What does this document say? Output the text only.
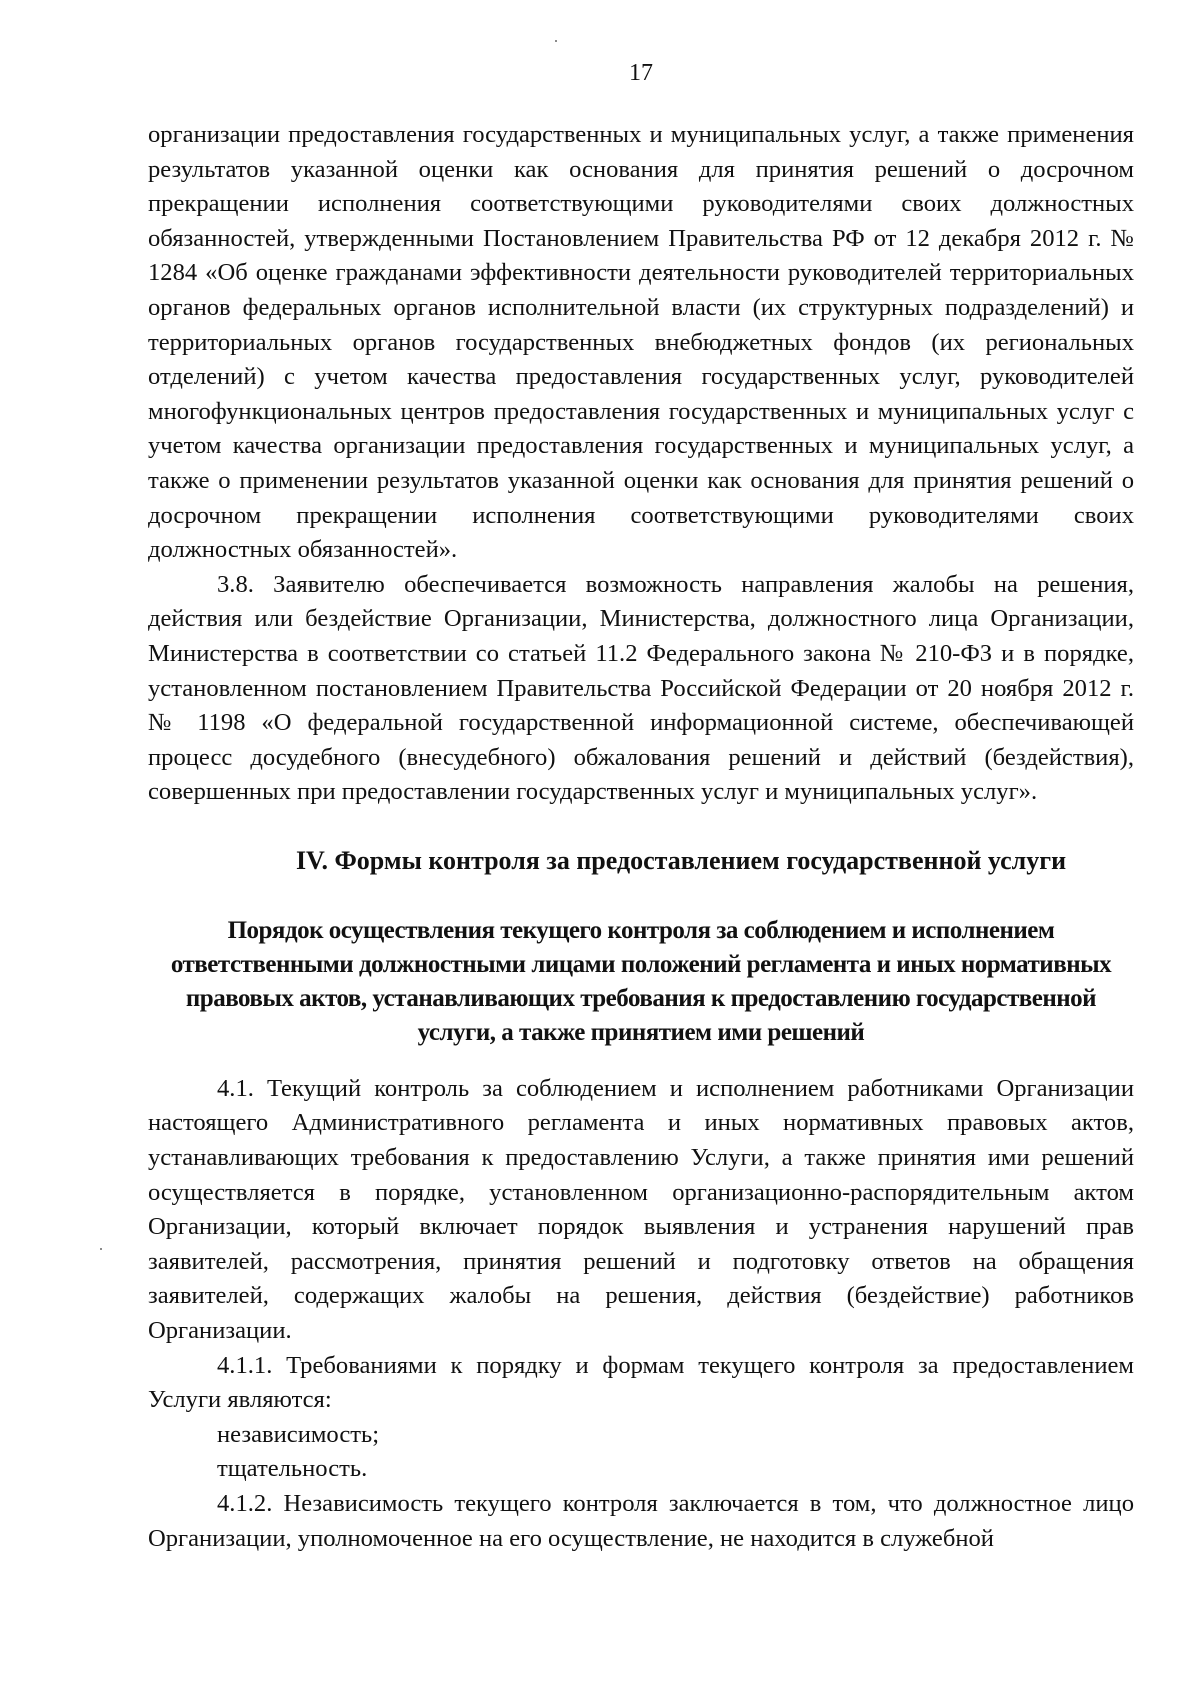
17

организации предоставления государственных и муниципальных услуг, а также применения результатов указанной оценки как основания для принятия решений о досрочном прекращении исполнения соответствующими руководителями своих должностных обязанностей, утвержденными Постановлением Правительства РФ от 12 декабря 2012 г. № 1284 «Об оценке гражданами эффективности деятельности руководителей территориальных органов федеральных органов исполнительной власти (их структурных подразделений) и территориальных органов государственных внебюджетных фондов (их региональных отделений) с учетом качества предоставления государственных услуг, руководителей многофункциональных центров предоставления государственных и муниципальных услуг с учетом качества организации предоставления государственных и муниципальных услуг, а также о применении результатов указанной оценки как основания для принятия решений о досрочном прекращении исполнения соответствующими руководителями своих должностных обязанностей».

3.8. Заявителю обеспечивается возможность направления жалобы на решения, действия или бездействие Организации, Министерства, должностного лица Организации, Министерства в соответствии со статьей 11.2 Федерального закона № 210-ФЗ и в порядке, установленном постановлением Правительства Российской Федерации от 20 ноября 2012 г. № 1198 «О федеральной государственной информационной системе, обеспечивающей процесс досудебного (внесудебного) обжалования решений и действий (бездействия), совершенных при предоставлении государственных услуг и муниципальных услуг».

IV. Формы контроля за предоставлением государственной услуги
Порядок осуществления текущего контроля за соблюдением и исполнением ответственными должностными лицами положений регламента и иных нормативных правовых актов, устанавливающих требования к предоставлению государственной услуги, а также принятием ими решений

4.1. Текущий контроль за соблюдением и исполнением работниками Организации настоящего Административного регламента и иных нормативных правовых актов, устанавливающих требования к предоставлению Услуги, а также принятия ими решений осуществляется в порядке, установленном организационно-распорядительным актом Организации, который включает порядок выявления и устранения нарушений прав заявителей, рассмотрения, принятия решений и подготовку ответов на обращения заявителей, содержащих жалобы на решения, действия (бездействие) работников Организации.

4.1.1. Требованиями к порядку и формам текущего контроля за предоставлением Услуги являются:

независимость;

тщательность.

4.1.2. Независимость текущего контроля заключается в том, что должностное лицо Организации, уполномоченное на его осуществление, не находится в служебной
